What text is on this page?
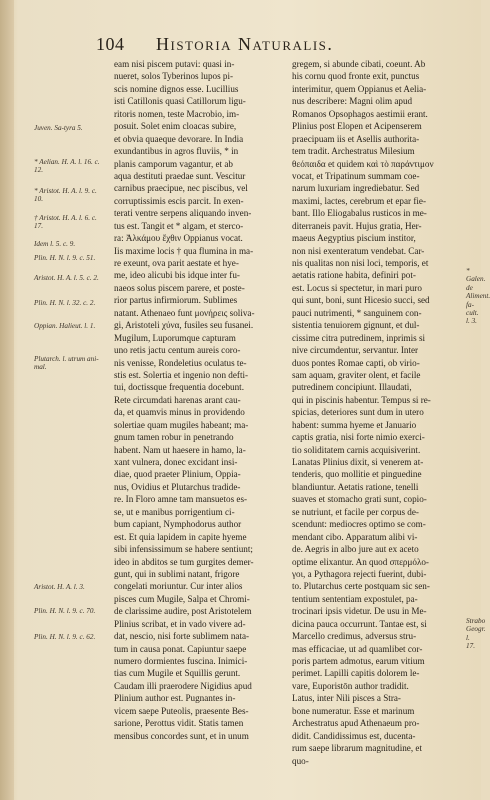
104 Historia Naturalis.
eam nisi piscem putavi: quasi in-
nueret, solos Tyberinos lupos pi-
scis nomine dignos esse. Lucillius
isti Catillonis quasi Catillorum ligu-
ritoris nomen, teste Macrobio, im-
posuit. Solet enim cloacas subire,
et obvia quaeque devorare. In India
exundantibus in agros fluviis, * in
planis camporum vagantur, et ab
aqua destituti praedae sunt. Vescitur
carnibus praecipue, nec piscibus, vel
corruptissimis escis parcit. In exen-
terati ventre serpens aliquando inven-
tus est. Tangit et * algam, et sterco-
ra: Ἀλκάμου ἔχθιν Oppianus vocat.
Iis maxime locis † qua flumina in ma-
re exeunt, ova parit aestate et hye-
me, ideo alicubi bis idque inter fu-
naeos solus piscem parere, et poste-
rior partus infirmiorum. Sublimes
natant. Athenaeo funt μονήρεις soliva-
gi, Aristoteli χύνα, fusiles seu fusanei.
Mugilum, Luporumque capturam
uno retis jactu centum aureis coro-
nis venisse, Rondeletius oculatus te-
stis est. Solertia et ingenio non defti-
tui, doctissque frequentia docebunt.
Rete circumdati harenas arant cau-
da, et quamvis minus in providendo
solertiae quam mugiles habeant; ma-
gnum tamen robur in penetrando
habent. Nam ut haesere in hamo, la-
xant vulnera, donec excidant insi-
diae, quod praeter Plinium, Oppia-
nus, Ovidius et Plutarchus tradide-
re. In Floro amne tam mansuetos es-
se, ut e manibus porrigentium ci-
bum capiant, Nymphodorus author
est. Et quia lapidem in capite hyeme
sibi infensissimum se habere sentiunt;
ideo in abditos se tum gurgites demer-
gunt, qui in sublimi natant, frigore
congelati moriuntur. Cur inter alios
pisces cum Mugile, Salpa et Chromi-
de clarissime audire, post Aristotelem
Plinius scribat, et in vado vivere ad-
dat, nescio, nisi forte sublimem nata-
tum in causa ponat. Capiuntur saepe
numero dormientes fuscina. Inimici-
tias cum Mugile et Squillis gerunt.
Caudam illi praerodere Nigidius apud
Plinium author est. Pugnantes in-
vicem saepe Puteolis, praesente Bes-
sarione, Perottus vidit. Statis tamen
mensibus concordes sunt, et in unum
gregem, si abunde cibati, coeunt. Ab
his cornu quod fronte exit, punctus
interimitur, quem Oppianus et Aelia-
nus describere: Magni olim apud
Romanos Opsophagos aestimii erant.
Plinius post Elopen et Acipenserem
praecipuam iis et Asellis authorita-
tem tradit. Archestratus Milesium
θεόπαιδα et quidem καὶ τὸ παράντιμον
vocat, et Tripatinum summam coe-
narum luxuriam ingrediebatur. Sed
maximi, lactes, cerebrum et epar fie-
bant. Illo Eliogabalus rusticos in me-
diterraneis pavit. Hujus gratia, Her-
maeus Aegyptius piscium institor,
non nisi exenteratum vendebat. Car-
nis qualitas non nisi loci, temporis, et
aetatis ratione habita, definiri pot-
est. Locus si spectetur, in mari puro
qui sunt, boni, sunt Hicesio succi, sed
pauci nutrimenti, * sanguinem con-
sistentia tenuiorem gignunt, et dul-
cissime citra putredinem, inprimis si
nive circumdentur, servantur. Inter
duos pontes Romae capti, ob virio-
sam aquam, graviter olent, et facile
putredinem concipiunt. Illaudati,
qui in piscinis habentur. Tempus si re-
spicias, deteriores sunt dum in utero
habent: summa hyeme et Januario
captis gratia, nisi forte nimio exerci-
tio soliditatem carnis acquisiverint.
Lanatas Plinius dixit, si venerem at-
tenderis, quo mollitie et pinguedine
blandiuntur. Aetatis ratione, tenelli
suaves et stomacho grati sunt, copio-
se nutriunt, et facile per corpus de-
scendunt: mediocres optimo se com-
mendant cibo. Apparatum alibi vi-
de. Aegris in albo jure aut ex aceto
optime elixantur. An quod σπερμόλο-
γοι, a Pythagora rejecti fuerint, dubi-
to. Plutarchus certe postquam sic sen-
tentium sententiam expostulet, pa-
trocinari ipsis videtur. De usu in Me-
dicina pauca occurrunt. Tantae est, si
Marcello credimus, adversus stru-
mas efficaciae, ut ad quamlibet cor-
poris partem admotus, earum vitium
perimet. Lapilli capitis dolorem le-
vare, Euporistōn author tradidit.
Latus, inter Nili pisces a Stra-
bone numeratur. Esse et marinum
Archestratus apud Athenaeum pro-
didit. Candidissimus est, ducenta-
rum saepe librarum magnitudine, et
quo-
Juven. Sa-tyra 5.
* Aelian. H. A. l. 16. c. 12.
* Aristot. H. A. l. 9. c. 10.
† Aristot. H. A. l. 6. c. 17.
Idem l. 5. c. 9.
Plin. H. N. l. 9. c. 51.
Aristot. H. A. l. 5. c. 2.
Plin. H. N. l. 32. c. 2.
Oppian. Halieut. l. 1.
Plutarch. l. utrum ani-mal.
Aristot. H. A. l. 3.
Plin. H. N. l. 9. c. 70.
Plin. H. N. l. 9. c. 62.
* Galen. de Aliment. fa-cult. l. 3.
Strabo Geogr. l. 17.
